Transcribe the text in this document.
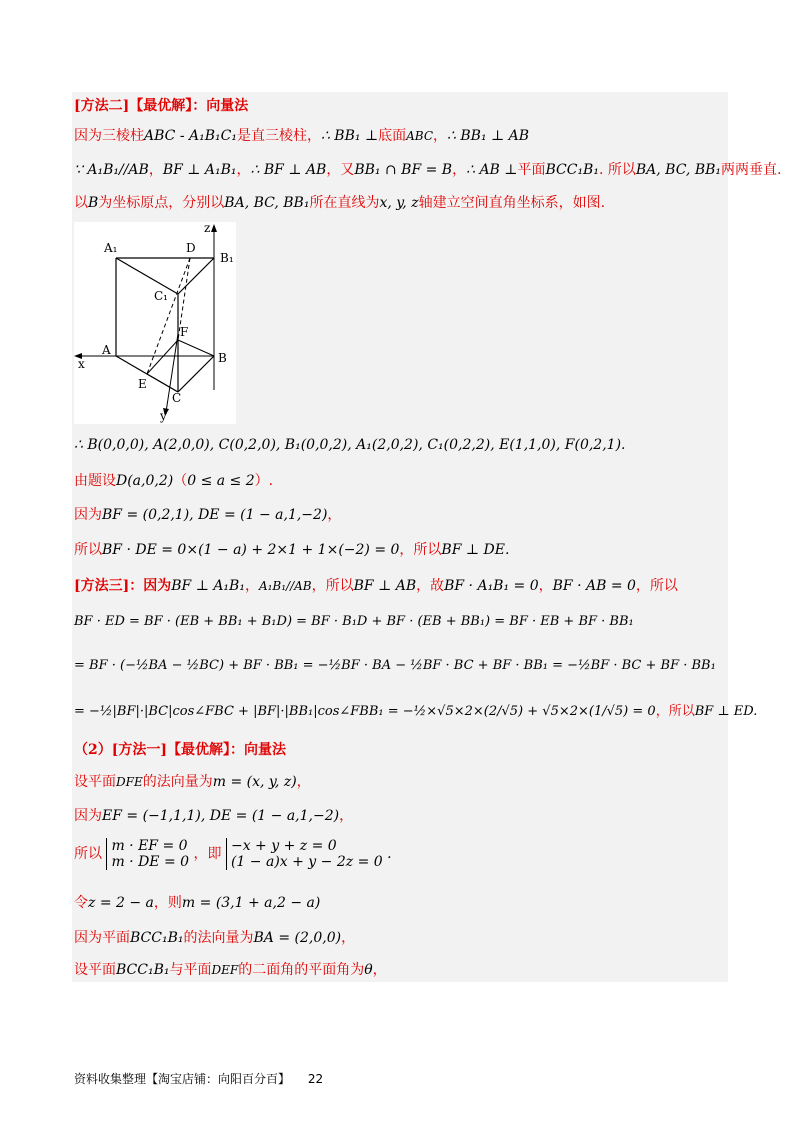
[方法二]【最优解】：向量法
因为三棱柱ABC - A₁B₁C₁是直三棱柱，∴ BB₁ ⊥底面ABC，∴ BB₁ ⊥ AB
∵ A₁B₁//AB，BF ⊥ A₁B₁，∴ BF ⊥ AB，又BB₁ ∩ BF = B，∴ AB ⊥平面BCC₁B₁. 所以BA, BC, BB₁两两垂直.
以B为坐标原点，分别以BA, BC, BB₁所在直线为x, y, z轴建立空间直角坐标系，如图.
A₁	D
B₁
C₁
F
A
B
E
C
x
y
z
∴ B(0,0,0), A(2,0,0), C(0,2,0), B₁(0,0,2), A₁(2,0,2), C₁(0,2,2), E(1,1,0), F(0,2,1).
由题设D(a,0,2)（0 ≤ a ≤ 2）.
因为BF = (0,2,1), DE = (1 − a,1,−2)，
所以BF · DE = 0×(1 − a) + 2×1 + 1×(−2) = 0，所以BF ⊥ DE.
[方法三]：因为BF ⊥ A₁B₁，A₁B₁//AB，所以BF ⊥ AB，故BF · A₁B₁ = 0，BF · AB = 0，所以
BF · ED = BF · (EB + BB₁ + B₁D) = BF · B₁D + BF · (EB + BB₁) = BF · EB + BF · BB₁
= BF · (−½BA − ½BC) + BF · BB₁ = −½BF · BA − ½BF · BC + BF · BB₁ = −½BF · BC + BF · BB₁
= −½|BF|·|BC|cos∠FBC + |BF|·|BB₁|cos∠FBB₁ = −½×√5×2×(2/√5) + √5×2×(1/√5) = 0，所以BF ⊥ ED.
（2）[方法一]【最优解】：向量法
设平面DFE的法向量为m = (x, y, z)，
因为EF = (−1,1,1), DE = (1 − a,1,−2)，
所以 m · EF = 0
m · DE = 0 ，即 −x + y + z = 0
(1 − a)x + y − 2z = 0 .
令z = 2 − a，则m = (3,1 + a,2 − a)
因为平面BCC₁B₁的法向量为BA = (2,0,0)，
设平面BCC₁B₁与平面DEF的二面角的平面角为θ，
资料收集整理【淘宝店铺：向阳百分百】 22
